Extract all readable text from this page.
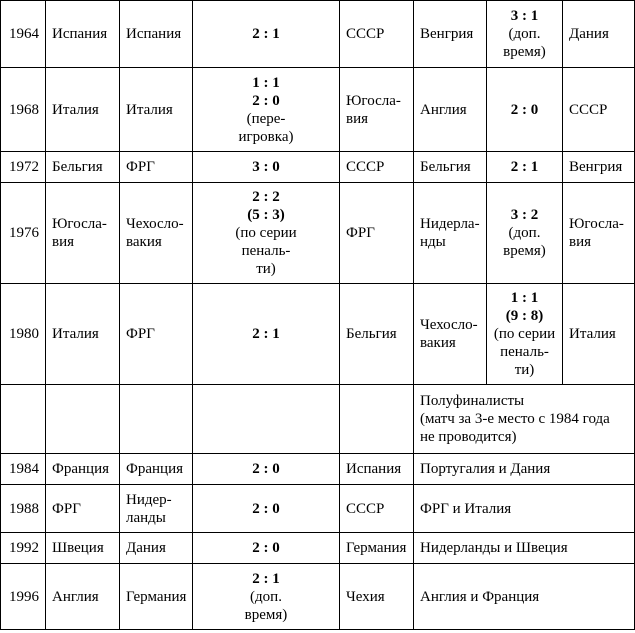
1964	Испания	Испания	2 : 1	СССР	Венгрия	3 : 1
(доп.
время)	Дания
1968	Италия	Италия	1 : 1
2 : 0
(пере-
игровка)	Югосла-
вия	Англия	2 : 0	СССР
1972	Бельгия	ФРГ	3 : 0	СССР	Бельгия	2 : 1	Венгрия
1976	Югосла-
вия	Чехосло-
вакия	2 : 2
(5 : 3)
(по серии
пеналь-
ти)	ФРГ	Нидерла-
нды	3 : 2
(доп.
время)	Югосла-
вия
1980	Италия	ФРГ	2 : 1	Бельгия	Чехосло-
вакия	1 : 1
(9 : 8)
(по серии
пеналь-
ти)	Италия
					Полуфиналисты
(матч за 3-е место с 1984 года
не проводится)		
1984	Франция	Франция	2 : 0	Испания	Португалия и Дания		
1988	ФРГ	Нидер-
ланды	2 : 0	СССР	ФРГ и Италия		
1992	Швеция	Дания	2 : 0	Германия	Нидерланды и Швеция		
1996	Англия	Германия	2 : 1
(доп.
время)	Чехия	Англия и Франция		
